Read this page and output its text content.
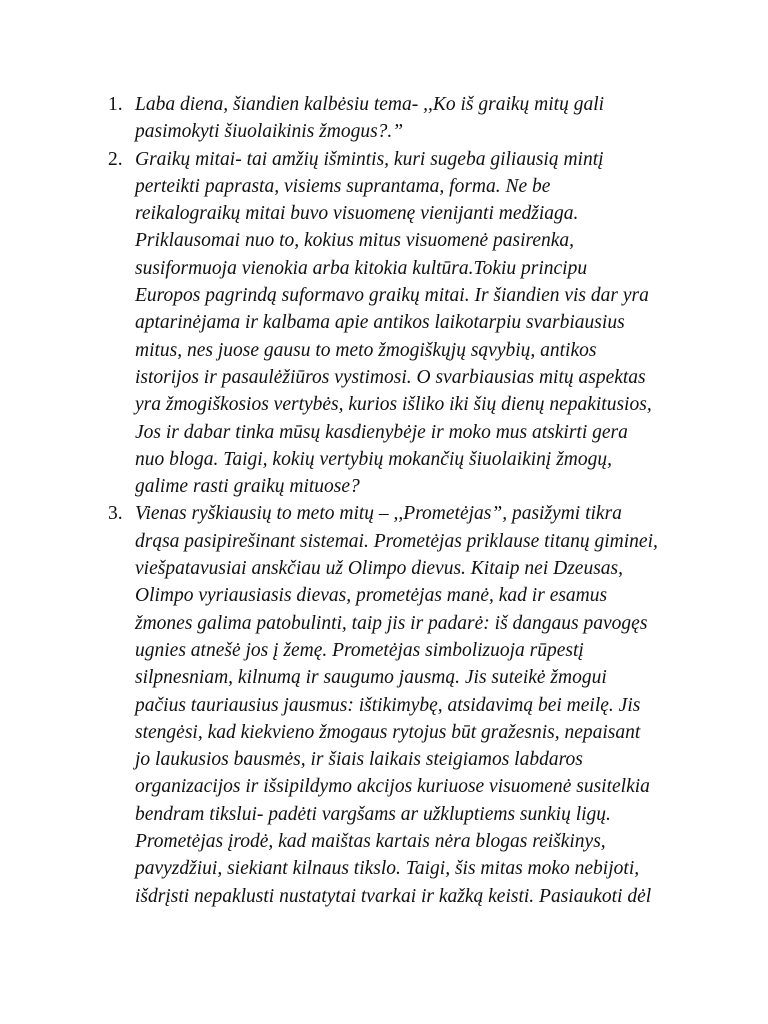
1. Laba diena, šiandien kalbėsiu tema- ,,Ko iš graikų mitų gali
pasimokyti šiuolaikinis žmogus?.”
2. Graikų mitai- tai amžių išmintis, kuri sugeba giliausią mintį
perteikti paprasta, visiems suprantama, forma. Ne be
reikalograikų mitai buvo visuomenę vienijanti medžiaga.
Priklausomai nuo to, kokius mitus visuomenė pasirenka,
susiformuoja vienokia arba kitokia kultūra.Tokiu principu
Europos pagrindą suformavo graikų mitai. Ir šiandien vis dar yra
aptarinėjama ir kalbama apie antikos laikotarpiu svarbiausius
mitus, nes juose gausu to meto žmogiškųjų sąvybių, antikos
istorijos ir pasaulėžiūros vystimosi. O svarbiausias mitų aspektas
yra žmogiškosios vertybės, kurios išliko iki šių dienų nepakitusios,
Jos ir dabar tinka mūsų kasdienybėje ir moko mus atskirti gera
nuo bloga. Taigi, kokių vertybių mokančių šiuolaikinį žmogų,
galime rasti graikų mituose?
3. Vienas ryškiausių to meto mitų – ,,Prometėjas”, pasižymi tikra
drąsa pasipirešinant sistemai. Prometėjas priklause titanų giminei,
viešpatavusiai anskčiau už Olimpo dievus. Kitaip nei Dzeusas,
Olimpo vyriausiasis dievas, prometėjas manė, kad ir esamus
žmones galima patobulinti, taip jis ir padarė: iš dangaus pavogęs
ugnies atnešė jos į žemę. Prometėjas simbolizuoja rūpestį
silpnesniam, kilnumą ir saugumo jausmą. Jis suteikė žmogui
pačius tauriausius jausmus: ištikimybę, atsidavimą bei meilę. Jis
stengėsi, kad kiekvieno žmogaus rytojus būt gražesnis, nepaisant
jo laukusios bausmės, ir šiais laikais steigiamos labdaros
organizacijos ir išsipildymo akcijos kuriuose visuomenė susitelkia
bendram tikslui- padėti vargšams ar užkluptiems sunkių ligų.
Prometėjas įrodė, kad maištas kartais nėra blogas reiškinys,
pavyzdžiui, siekiant kilnaus tikslo. Taigi, šis mitas moko nebijoti,
išdrįsti nepaklusti nustatytai tvarkai ir kažką keisti. Pasiaukoti dėl
